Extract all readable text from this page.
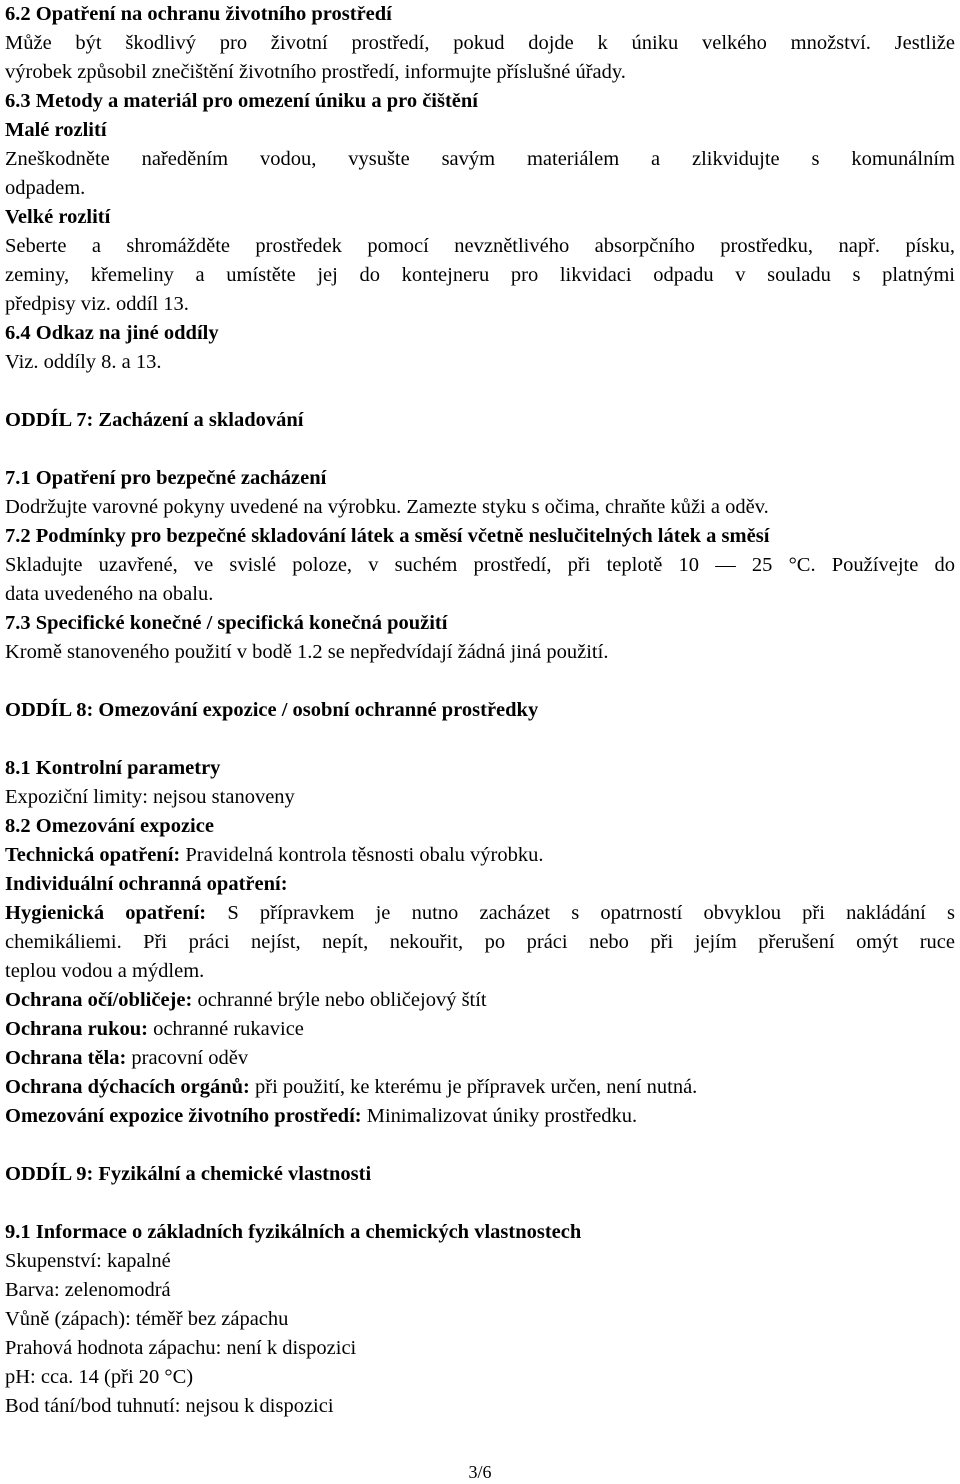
6.2 Opatření na ochranu životního prostředí
Může být škodlivý pro životní prostředí, pokud dojde k úniku velkého množství. Jestliže
výrobek způsobil znečištění životního prostředí, informujte příslušné úřady.
6.3 Metody a materiál pro omezení úniku a pro čištění
Malé rozlití
Zneškodněte naředěním vodou, vysušte savým materiálem a zlikvidujte s komunálním
odpadem.
Velké rozlití
Seberte a shromážděte prostředek pomocí nevznětlivého absorpčního prostředku, např. písku,
zeminy, křemeliny a umístěte jej do kontejneru pro likvidaci odpadu v souladu s platnými
předpisy viz. oddíl 13.
6.4 Odkaz na jiné oddíly
Viz. oddíly 8. a 13.
ODDÍL 7: Zacházení a skladování
7.1 Opatření pro bezpečné zacházení
Dodržujte varovné pokyny uvedené na výrobku. Zamezte styku s očima, chraňte kůži a oděv.
7.2 Podmínky pro bezpečné skladování látek a směsí včetně neslučitelných látek a směsí
Skladujte uzavřené, ve svislé poloze, v suchém prostředí, při teplotě 10 — 25 °C. Používejte do
data uvedeného na obalu.
7.3 Specifické konečné / specifická konečná použití
Kromě stanoveného použití v bodě 1.2 se nepředvídají žádná jiná použití.
ODDÍL 8: Omezování expozice / osobní ochranné prostředky
8.1 Kontrolní parametry
Expoziční limity: nejsou stanoveny
8.2 Omezování expozice
Technická opatření: Pravidelná kontrola těsnosti obalu výrobku.
Individuální ochranná opatření:
Hygienická opatření: S přípravkem je nutno zacházet s opatrností obvyklou při nakládání s
chemikáliemi. Při práci nejíst, nepít, nekouřit, po práci nebo při jejím přerušení omýt ruce
teplou vodou a mýdlem.
Ochrana očí/obličeje: ochranné brýle nebo obličejový štít
Ochrana rukou: ochranné rukavice
Ochrana těla: pracovní oděv
Ochrana dýchacích orgánů: při použití, ke kterému je přípravek určen, není nutná.
Omezování expozice životního prostředí: Minimalizovat úniky prostředku.
ODDÍL 9: Fyzikální a chemické vlastnosti
9.1 Informace o základních fyzikálních a chemických vlastnostech
Skupenství: kapalné
Barva: zelenomodrá
Vůně (zápach): téměř bez zápachu
Prahová hodnota zápachu: není k dispozici
pH: cca. 14 (při 20 °C)
Bod tání/bod tuhnutí: nejsou k dispozici
3/6
